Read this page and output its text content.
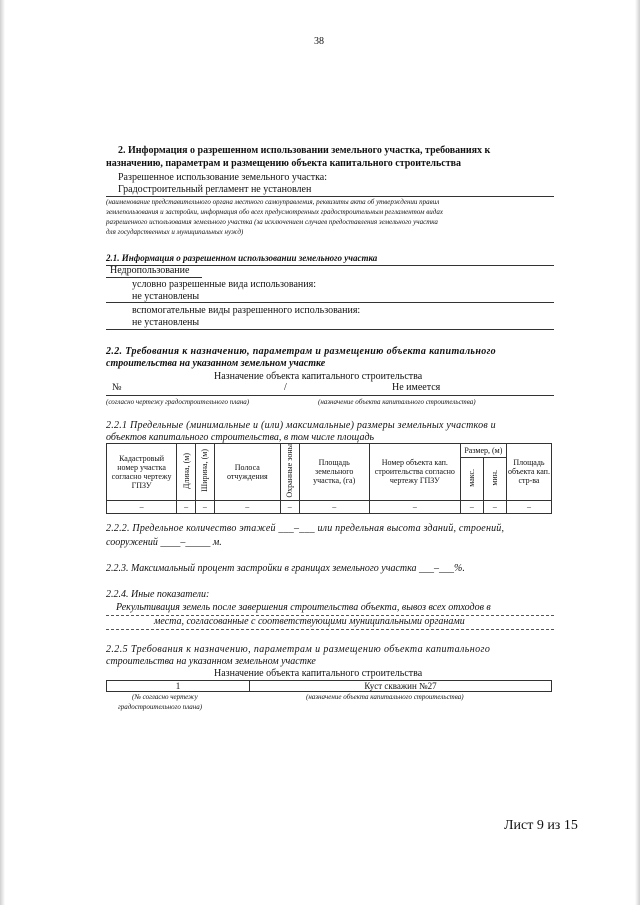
38
2. Информация о разрешенном использовании земельного участка, требованиях к
назначению, параметрам и размещению объекта капитального строительства
Разрешенное использование земельного участка:
Градостроительный регламент не установлен
(наименование представительного органа местного самоуправления, реквизиты акта об утверждении правил
землепользования и застройки, информация обо всех предусмотренных градостроительным регламентом видах
разрешенного использования земельного участка (за исключением случаев предоставления земельного участка
для государственных и муниципальных нужд)
2.1. Информация о разрешенном использовании земельного участка
Недропользование
условно разрешенные вида использования:
не установлены
вспомогательные виды разрешенного использования:
не установлены
2.2. Требования к назначению, параметрам и размещению объекта капитального
строительства на указанном земельном участке
Назначение объекта капитального строительства
№	/	Не имеется
(согласно чертежу градостроительного плана)	(назначение объекта капитального строительства)
2.2.1 Предельные (минимальные и (или) максимальные) размеры земельных участков и
объектов капитального строительства, в том числе площадь
Кадастровый номер участка согласно чертежу ГПЗУ	Длина, (м)	Ширина, (м)	Полоса отчуждения	Охранные зоны	Площадь земельного участка, (га)	Номер объекта кап. строительства согласно чертежу ГПЗУ	Размер, (м)		Площадь объекта кап. стр-ва
							макс.	мин.	
–	–	–	–	–	–	–	–	–	–
2.2.2. Предельное количество этажей ___–___ или предельная высота зданий, строений,
сооружений ____–_____ м.
2.2.3. Максимальный процент застройки в границах земельного участка ___–___%.
2.2.4. Иные показатели:
Рекультивация земель после завершения строительства объекта, вывоз всех отходов в
места, согласованные с соответствующими муниципальными органами
2.2.5 Требования к назначению, параметрам и размещению объекта капитального
строительства на указанном земельном участке
Назначение объекта капитального строительства
1	Куст скважин №27
(№ согласно чертежу
градостроительного плана)
(назначение объекта капитального строительства)
Лист 9 из 15
